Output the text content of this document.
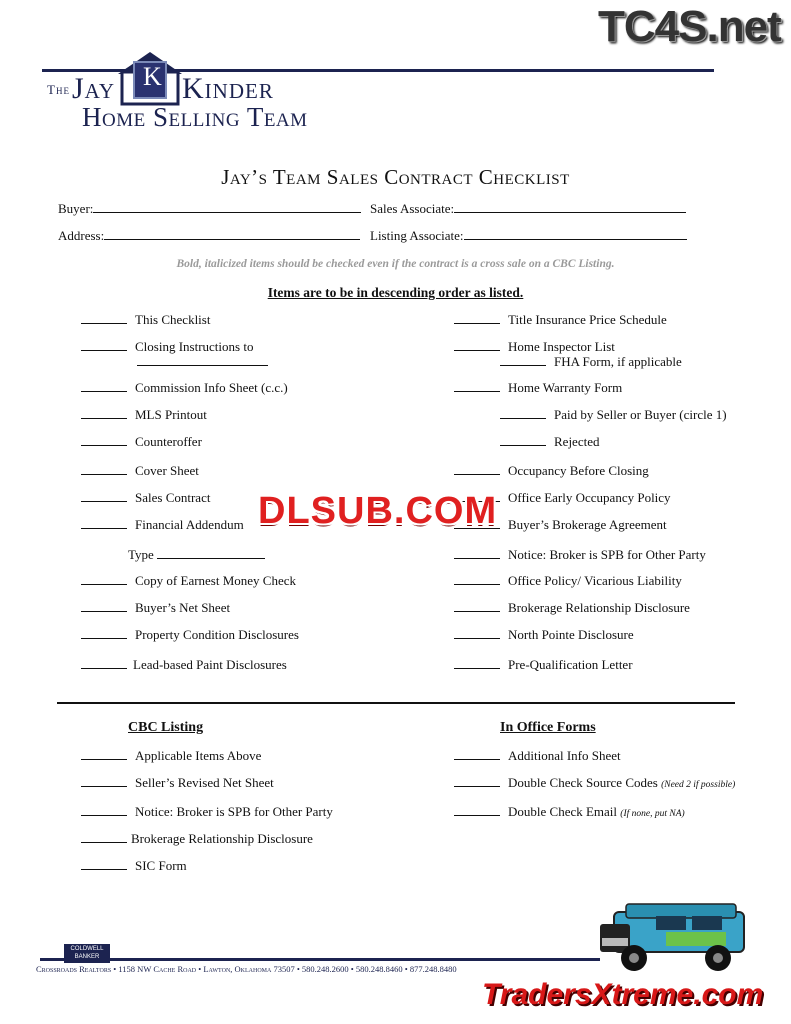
TC4S.net
K
The Jay Kinder
Home Selling Team
Jay’s Team Sales Contract Checklist
Buyer:	Sales Associate:
Address:	Listing Associate:
Bold, italicized items should be checked even if the contract is a cross sale on a CBC Listing.
Items are to be in descending order as listed.
This Checklist
Closing Instructions to
Commission Info Sheet (c.c.)
MLS Printout
Counteroffer
Cover Sheet
Sales Contract
Financial Addendum
Type
Copy of Earnest Money Check
Buyer’s Net Sheet
Property Condition Disclosures
Lead-based Paint Disclosures
Title Insurance Price Schedule
Home Inspector List
FHA Form, if applicable
Home Warranty Form
Paid by Seller or Buyer (circle 1)
Rejected
Occupancy Before Closing
Office Early Occupancy Policy
Buyer’s Brokerage Agreement
Notice: Broker is SPB for Other Party
Office Policy/ Vicarious Liability
Brokerage Relationship Disclosure
North Pointe Disclosure
Pre-Qualification Letter
DLSUB.COM
CBC Listing
Applicable Items Above
Seller’s Revised Net Sheet
Notice: Broker is SPB for Other Party
Brokerage Relationship Disclosure
SIC Form
In Office Forms
Additional Info Sheet
Double Check Source Codes (Need 2 if possible)
Double Check Email (If none, put NA)
COLDWELL
BANKER
Crossroads Realtors • 1158 NW Cache Road • Lawton, Oklahoma 73507 • 580.248.2600 • 580.248.8460 • 877.248.8480
TradersXtreme.com
